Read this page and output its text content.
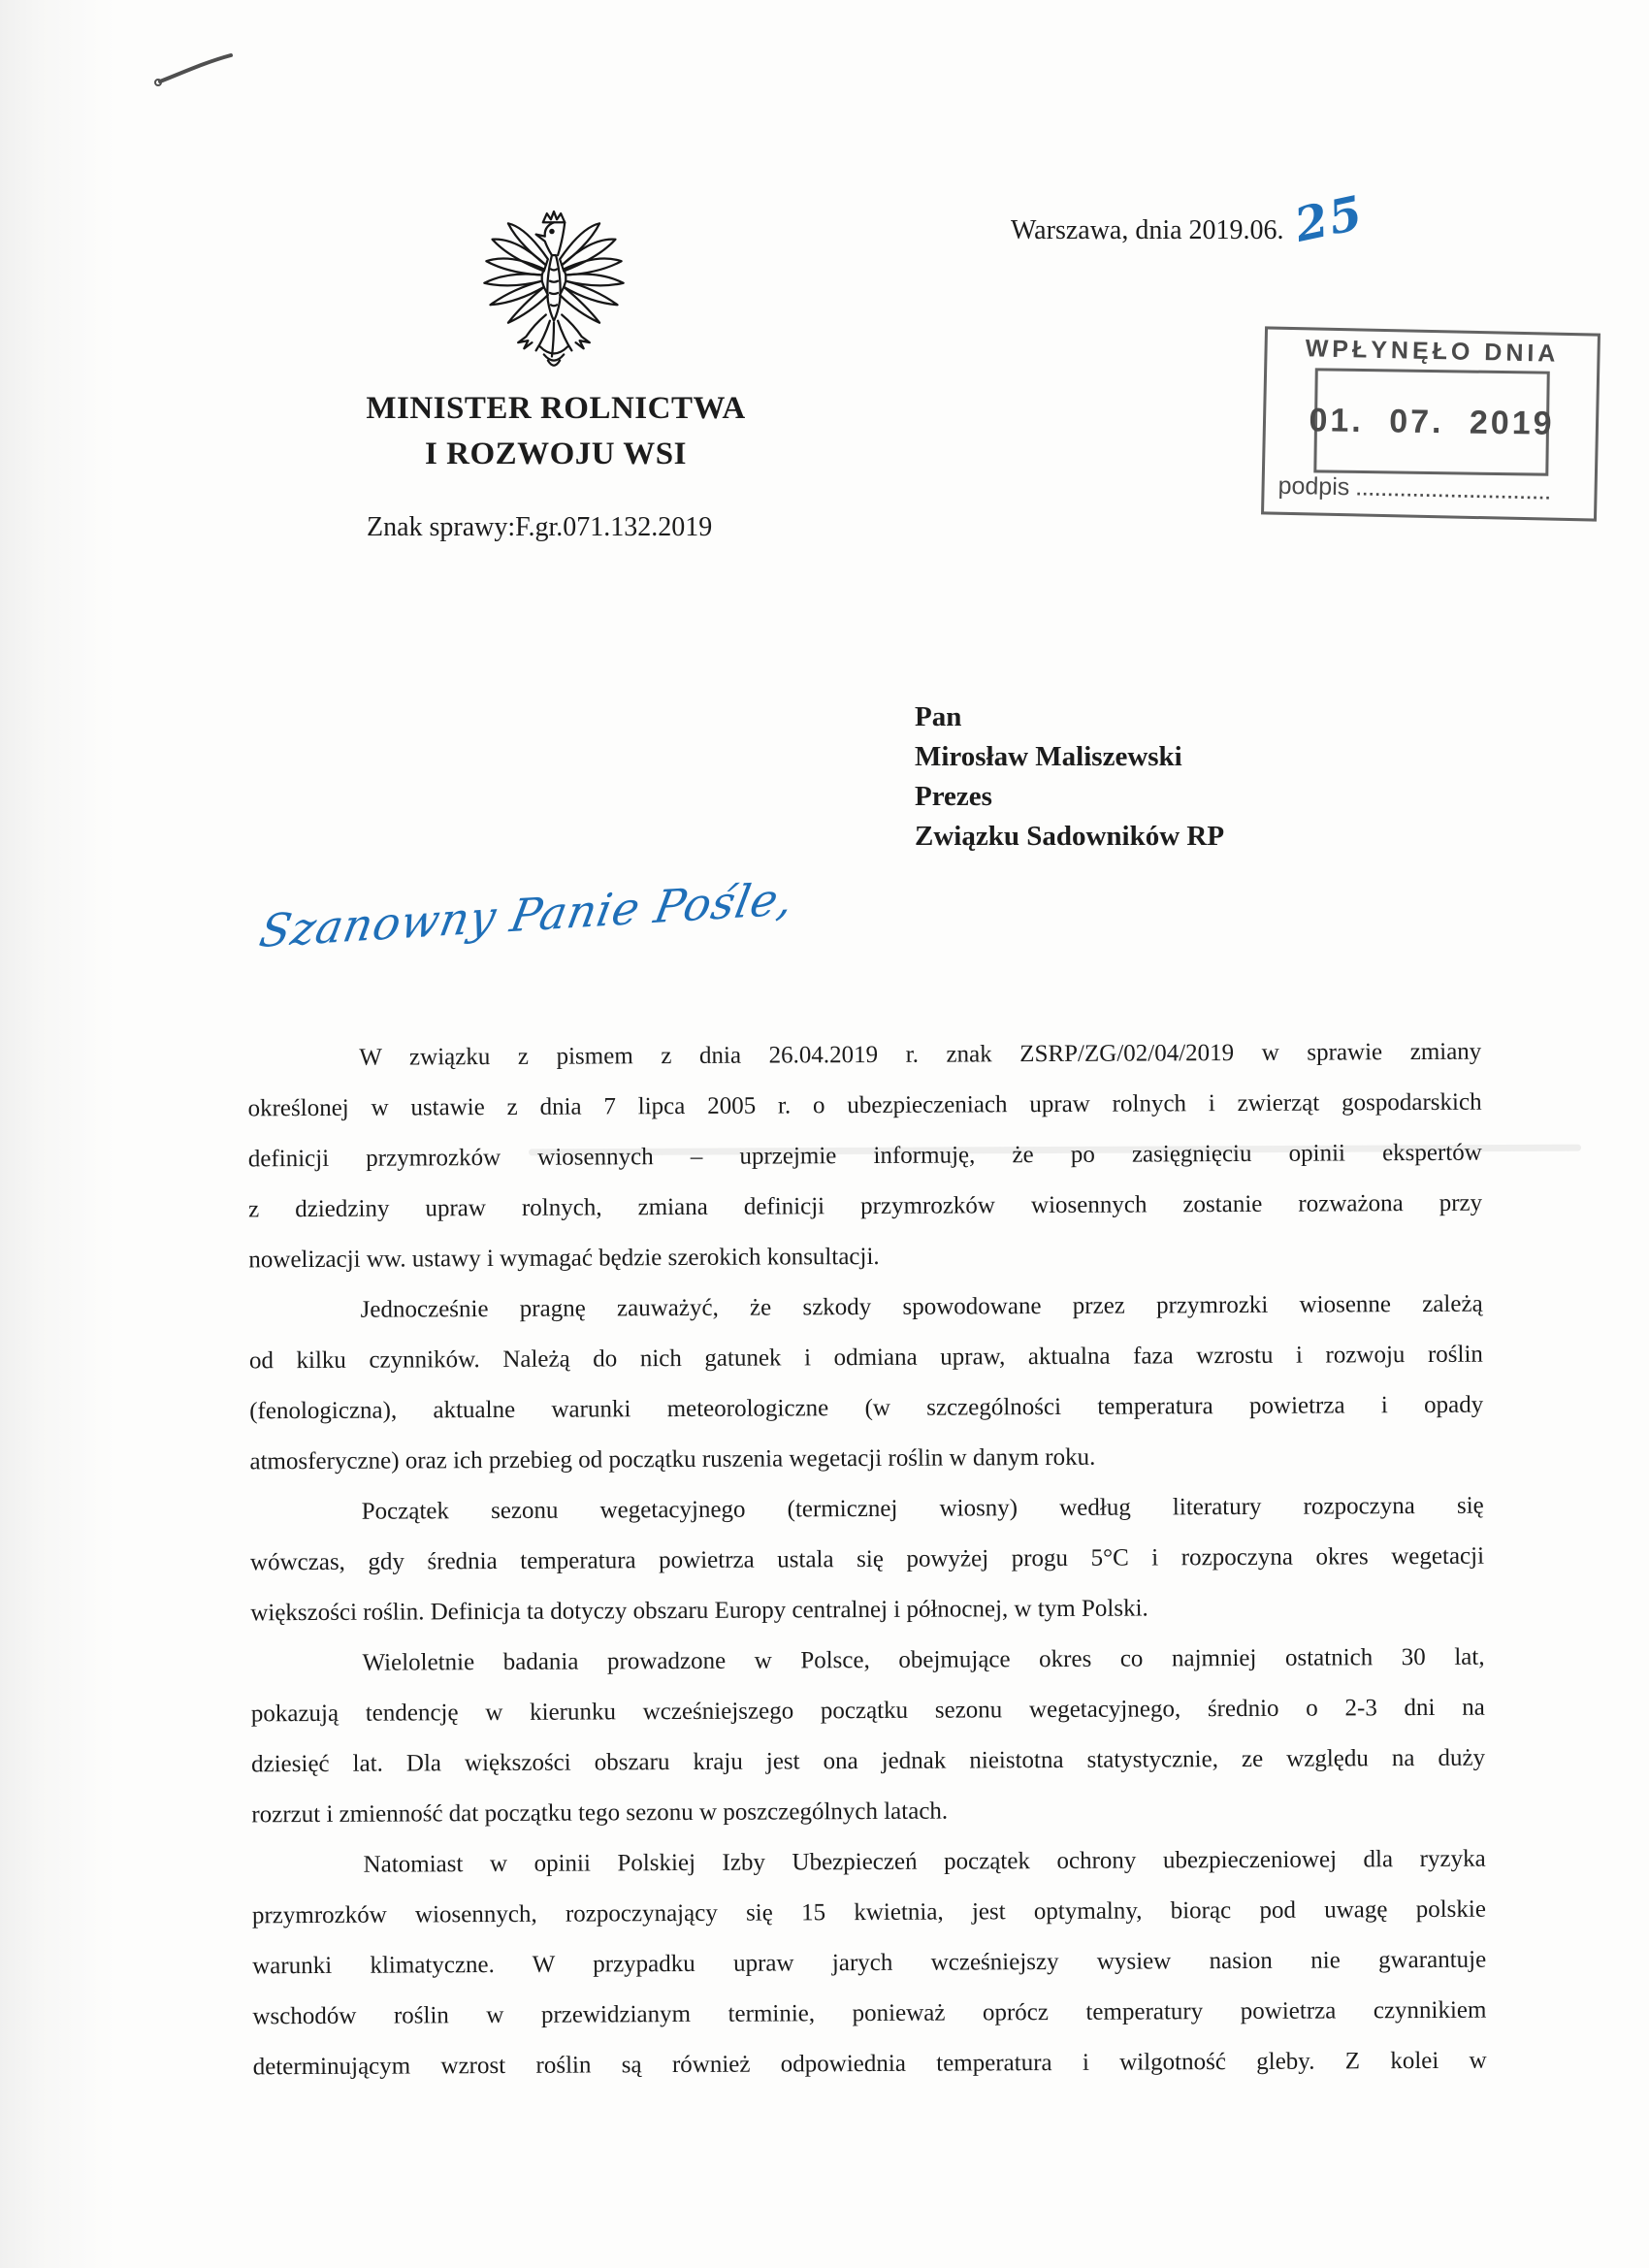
Warszawa, dnia 2019.06. 25
MINISTER ROLNICTWA
I ROZWOJU WSI
Znak sprawy:F.gr.071.132.2019
WPŁYNĘŁO DNIA
01. 07. 2019
podpis ...............................
Pan
Mirosław Maliszewski
Prezes
Związku Sadowników RP
Szanowny Panie Pośle,
W związku z pismem z dnia 26.04.2019 r. znak ZSRP/ZG/02/04/2019 w sprawie zmiany
określonej w ustawie z dnia 7 lipca 2005 r. o ubezpieczeniach upraw rolnych i zwierząt gospodarskich
definicji przymrozków wiosennych – uprzejmie informuję, że po zasięgnięciu opinii ekspertów
z dziedziny upraw rolnych, zmiana definicji przymrozków wiosennych zostanie rozważona przy
nowelizacji ww. ustawy i wymagać będzie szerokich konsultacji.
Jednocześnie pragnę zauważyć, że szkody spowodowane przez przymrozki wiosenne zależą
od kilku czynników. Należą do nich gatunek i odmiana upraw, aktualna faza wzrostu i rozwoju roślin
(fenologiczna), aktualne warunki meteorologiczne (w szczególności temperatura powietrza i opady
atmosferyczne) oraz ich przebieg od początku ruszenia wegetacji roślin w danym roku.
Początek sezonu wegetacyjnego (termicznej wiosny) według literatury rozpoczyna się
wówczas, gdy średnia temperatura powietrza ustala się powyżej progu 5°C i rozpoczyna okres wegetacji
większości roślin. Definicja ta dotyczy obszaru Europy centralnej i północnej, w tym Polski.
Wieloletnie badania prowadzone w Polsce, obejmujące okres co najmniej ostatnich 30 lat,
pokazują tendencję w kierunku wcześniejszego początku sezonu wegetacyjnego, średnio o 2-3 dni na
dziesięć lat. Dla większości obszaru kraju jest ona jednak nieistotna statystycznie, ze względu na duży
rozrzut i zmienność dat początku tego sezonu w poszczególnych latach.
Natomiast w opinii Polskiej Izby Ubezpieczeń początek ochrony ubezpieczeniowej dla ryzyka
przymrozków wiosennych, rozpoczynający się 15 kwietnia, jest optymalny, biorąc pod uwagę polskie
warunki klimatyczne. W przypadku upraw jarych wcześniejszy wysiew nasion nie gwarantuje
wschodów roślin w przewidzianym terminie, ponieważ oprócz temperatury powietrza czynnikiem
determinującym wzrost roślin są również odpowiednia temperatura i wilgotność gleby. Z kolei w
